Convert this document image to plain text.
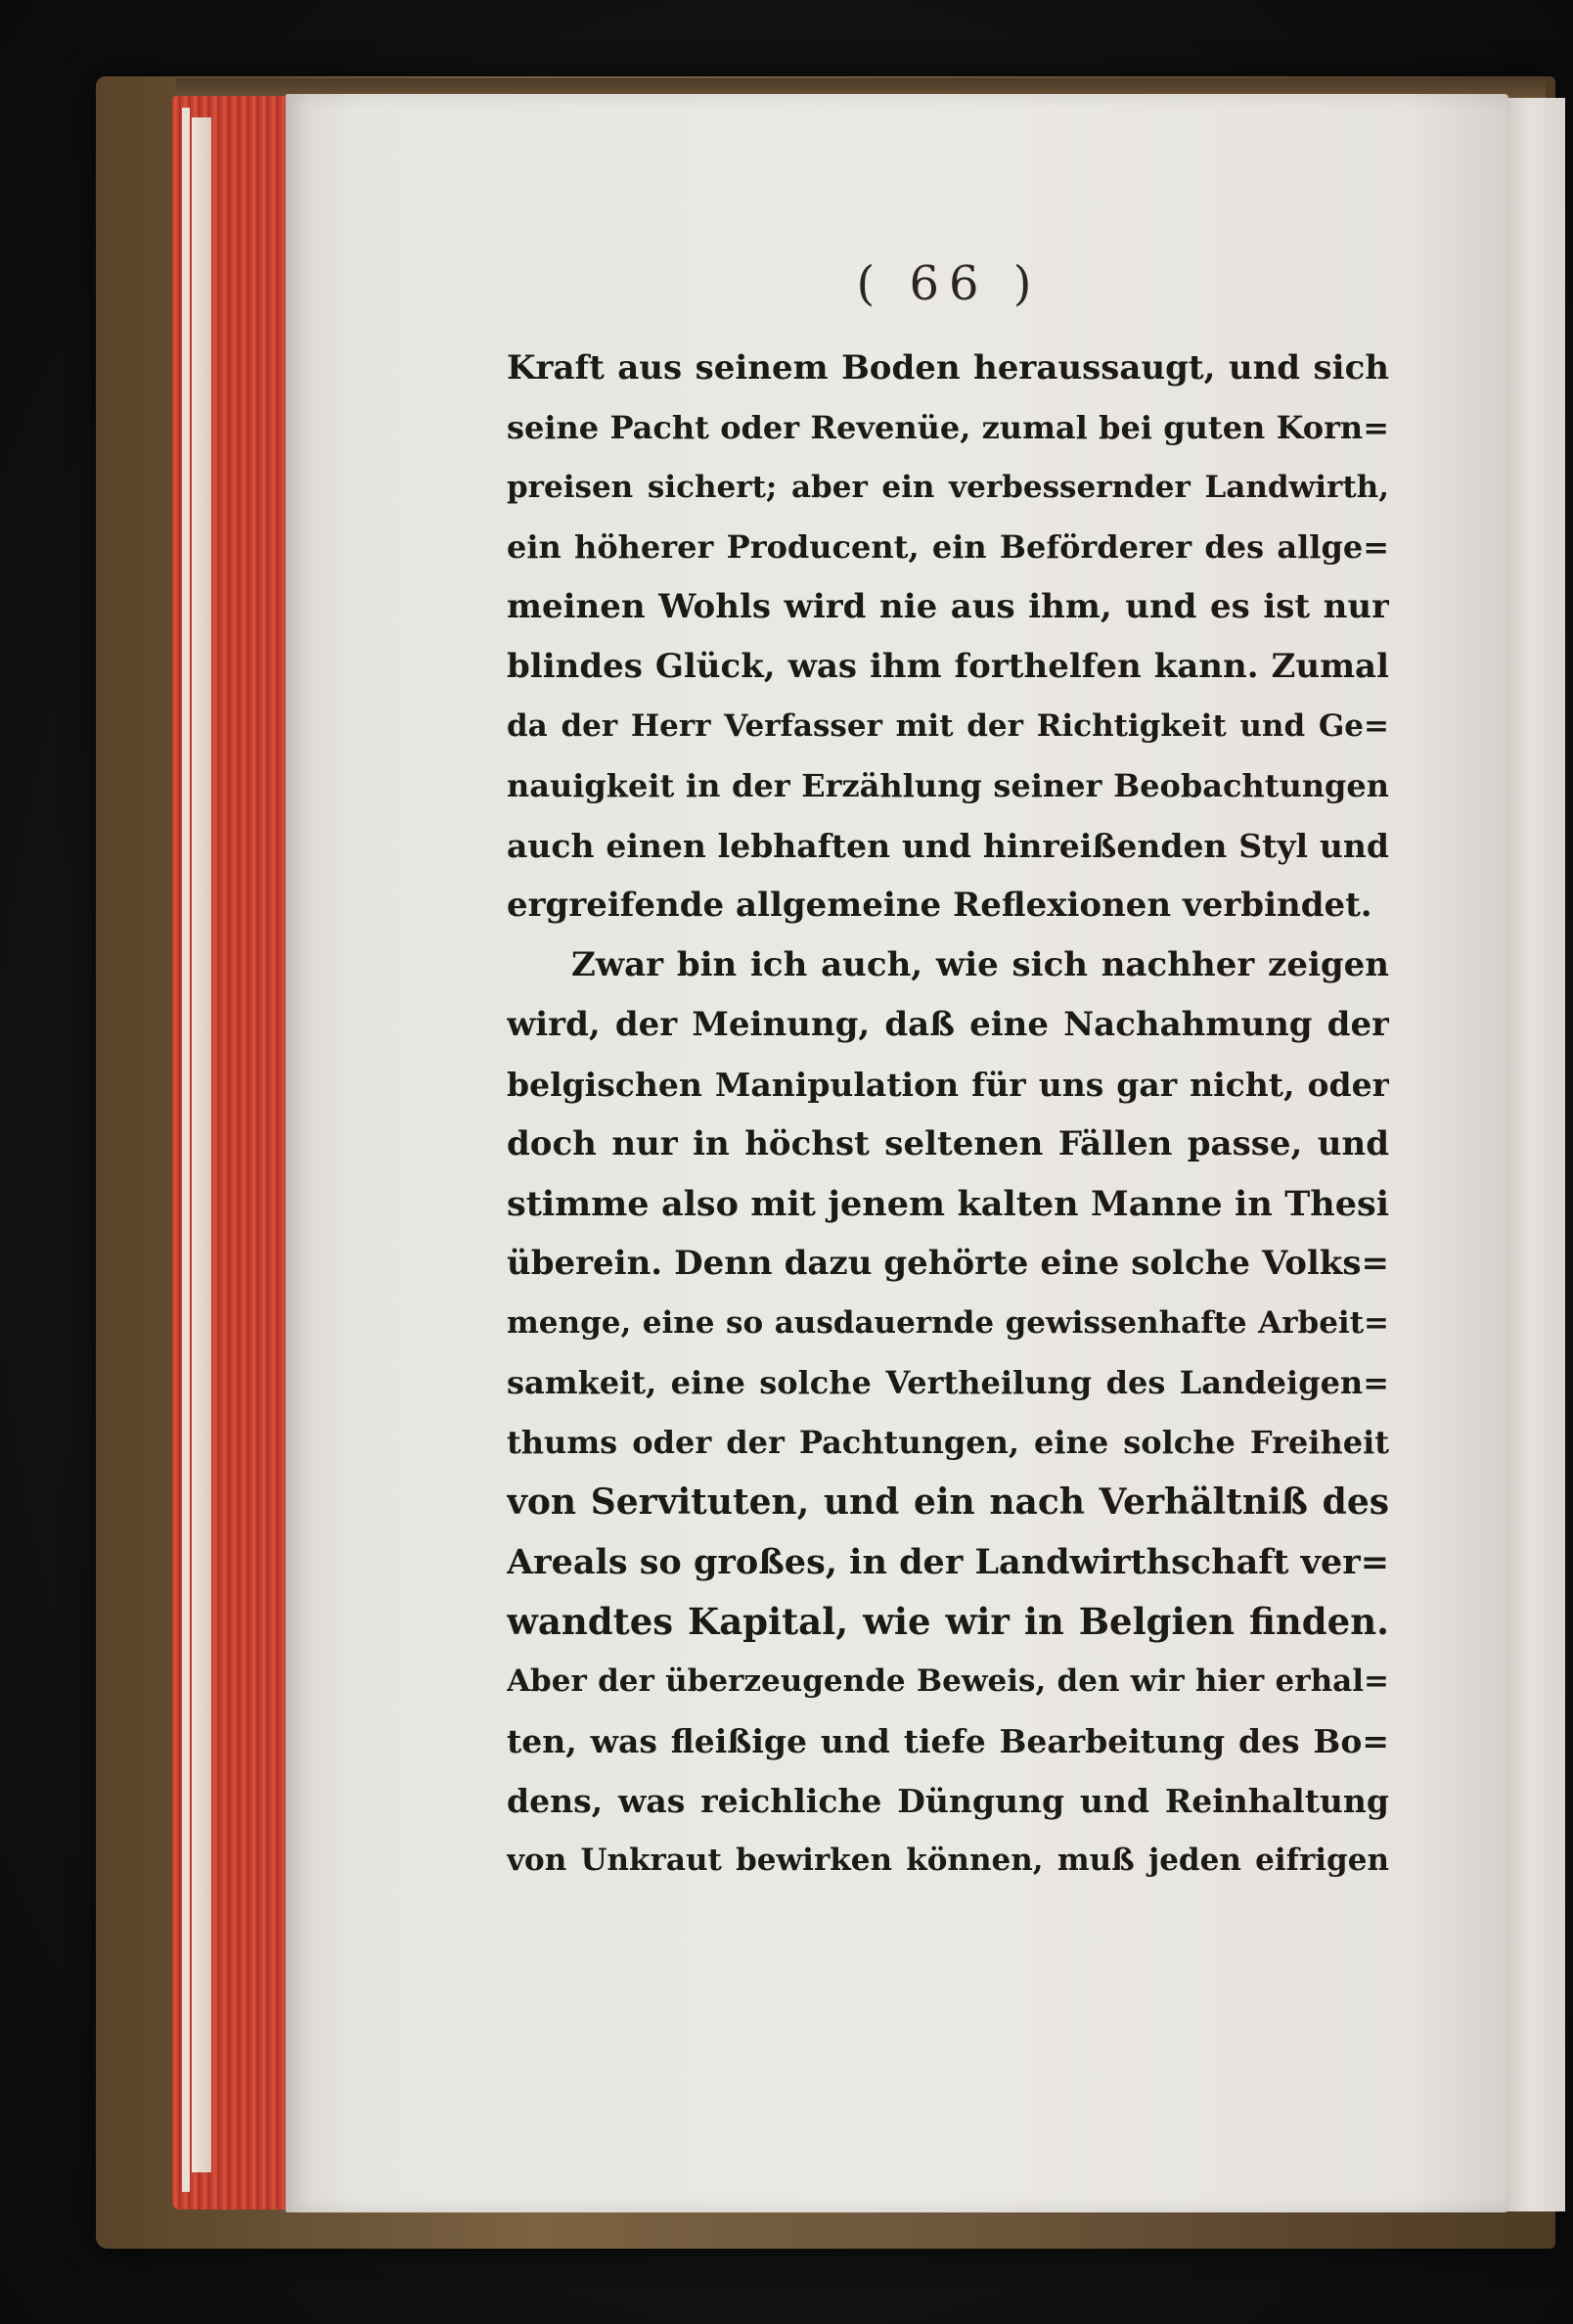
( 66 )
Kraft aus seinem Boden heraussaugt, und sich
seine Pacht oder Revenüe, zumal bei guten Korn=
preisen sichert; aber ein verbessernder Landwirth,
ein höherer Producent, ein Beförderer des allge=
meinen Wohls wird nie aus ihm, und es ist nur
blindes Glück, was ihm forthelfen kann. Zumal
da der Herr Verfasser mit der Richtigkeit und Ge=
nauigkeit in der Erzählung seiner Beobachtungen
auch einen lebhaften und hinreißenden Styl und
ergreifende allgemeine Reflexionen verbindet.
Zwar bin ich auch, wie sich nachher zeigen
wird, der Meinung, daß eine Nachahmung der
belgischen Manipulation für uns gar nicht, oder
doch nur in höchst seltenen Fällen passe, und
stimme also mit jenem kalten Manne in Thesi
überein. Denn dazu gehörte eine solche Volks=
menge, eine so ausdauernde gewissenhafte Arbeit=
samkeit, eine solche Vertheilung des Landeigen=
thums oder der Pachtungen, eine solche Freiheit
von Servituten, und ein nach Verhältniß des
Areals so großes, in der Landwirthschaft ver=
wandtes Kapital, wie wir in Belgien finden.
Aber der überzeugende Beweis, den wir hier erhal=
ten, was fleißige und tiefe Bearbeitung des Bo=
dens, was reichliche Düngung und Reinhaltung
von Unkraut bewirken können, muß jeden eifrigen
